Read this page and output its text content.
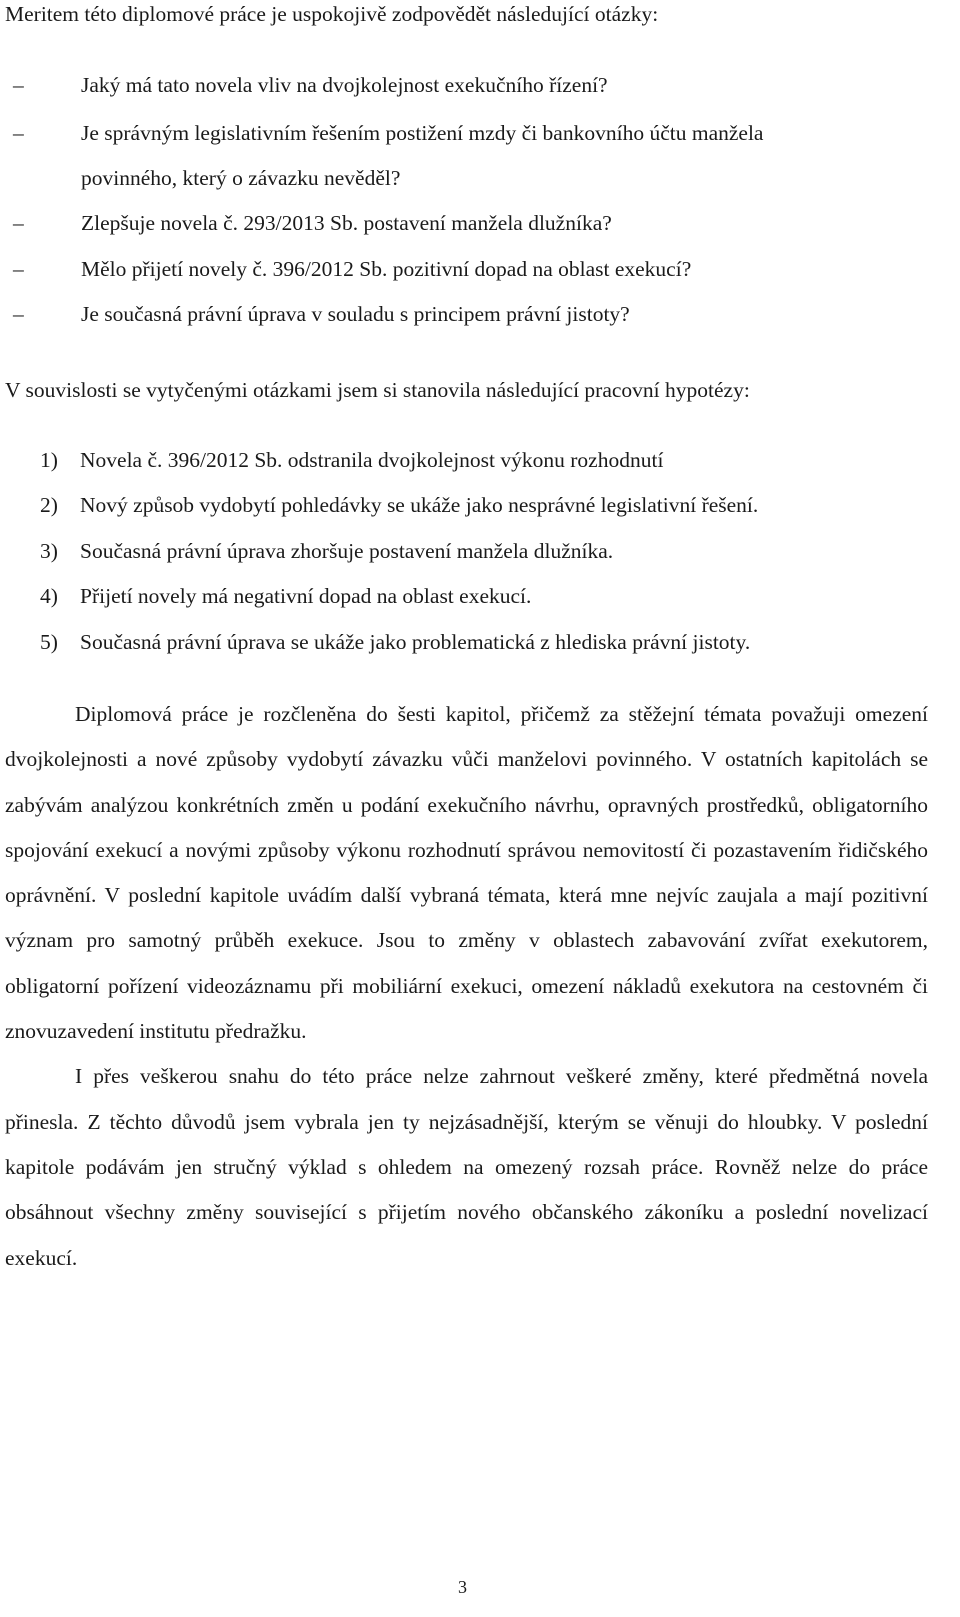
Meritem této diplomové práce je uspokojivě zodpovědět následující otázky:
–	Jaký má tato novela vliv na dvojkolejnost exekučního řízení?
–	Je správným legislativním řešením postižení mzdy či bankovního účtu manžela
povinného, který o závazku nevěděl?
–	Zlepšuje novela č. 293/2013 Sb. postavení manžela dlužníka?
–	Mělo přijetí novely č. 396/2012 Sb. pozitivní dopad na oblast exekucí?
–	Je současná právní úprava v souladu s principem právní jistoty?
V souvislosti se vytyčenými otázkami jsem si stanovila následující pracovní hypotézy:
1) Novela č. 396/2012 Sb. odstranila dvojkolejnost výkonu rozhodnutí
2) Nový způsob vydobytí pohledávky se ukáže jako nesprávné legislativní řešení.
3) Současná právní úprava zhoršuje postavení manžela dlužníka.
4) Přijetí novely má negativní dopad na oblast exekucí.
5) Současná právní úprava se ukáže jako problematická z hlediska právní jistoty.

Diplomová práce je rozčleněna do šesti kapitol, přičemž za stěžejní témata považuji omezení dvojkolejnosti a nové způsoby vydobytí závazku vůči manželovi povinného. V ostatních kapitolách se zabývám analýzou konkrétních změn u podání exekučního návrhu, opravných prostředků, obligatorního spojování exekucí a novými způsoby výkonu rozhodnutí správou nemovitostí či pozastavením řidičského oprávnění. V poslední kapitole uvádím další vybraná témata, která mne nejvíc zaujala a mají pozitivní význam pro samotný průběh exekuce. Jsou to změny v oblastech zabavování zvířat exekutorem, obligatorní pořízení videozáznamu při mobiliární exekuci, omezení nákladů exekutora na cestovném či znovuzavedení institutu předražku.

I přes veškerou snahu do této práce nelze zahrnout veškeré změny, které předmětná novela přinesla. Z těchto důvodů jsem vybrala jen ty nejzásadnější, kterým se věnuji do hloubky. V poslední kapitole podávám jen stručný výklad s ohledem na omezený rozsah práce. Rovněž nelze do práce obsáhnout všechny změny související s přijetím nového občanského zákoníku a poslední novelizací exekucí.

3
